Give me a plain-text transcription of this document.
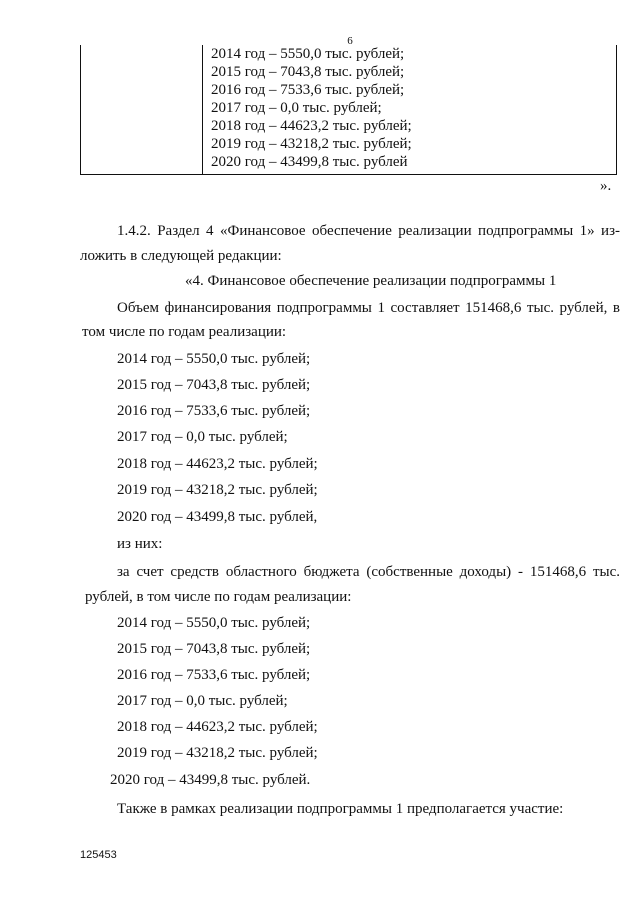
6

2014 год – 5550,0 тыс. рублей;
2015 год – 7043,8 тыс. рублей;
2016 год – 7533,6 тыс. рублей;
2017 год – 0,0 тыс. рублей;
2018 год – 44623,2 тыс. рублей;
2019 год – 43218,2 тыс. рублей;
2020 год – 43499,8 тыс. рублей
».
1.4.2. Раздел 4 «Финансовое обеспечение реализации подпрограммы 1» из-
ложить в следующей редакции:
«4. Финансовое обеспечение реализации подпрограммы 1
Объем финансирования подпрограммы 1 составляет 151468,6 тыс. рублей, в
том числе по годам реализации:
2014 год – 5550,0 тыс. рублей;
2015 год – 7043,8 тыс. рублей;
2016 год – 7533,6 тыс. рублей;
2017 год – 0,0 тыс. рублей;
2018 год – 44623,2 тыс. рублей;
2019 год – 43218,2 тыс. рублей;
2020 год – 43499,8 тыс. рублей,
из них:
за счет средств областного бюджета (собственные доходы) - 151468,6 тыс.
рублей, в том числе по годам реализации:
2014 год – 5550,0 тыс. рублей;
2015 год – 7043,8 тыс. рублей;
2016 год – 7533,6 тыс. рублей;
2017 год – 0,0 тыс. рублей;
2018 год – 44623,2 тыс. рублей;
2019 год – 43218,2 тыс. рублей;
2020 год – 43499,8 тыс. рублей.
Также в рамках реализации подпрограммы 1 предполагается участие:
125453
